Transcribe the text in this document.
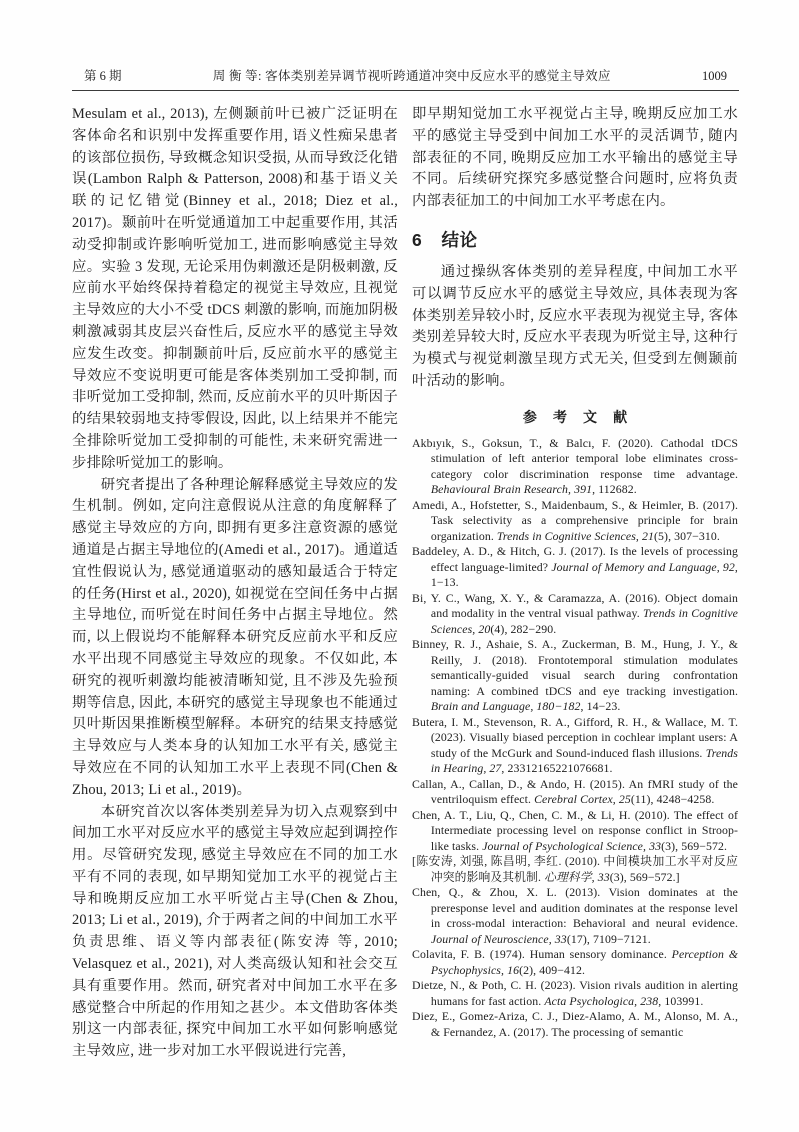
第 6 期	周 衡 等: 客体类别差异调节视听跨通道冲突中反应水平的感觉主导效应	1009

Mesulam et al., 2013), 左侧颞前叶已被广泛证明在客体命名和识别中发挥重要作用, 语义性痴呆患者的该部位损伤, 导致概念知识受损, 从而导致泛化错误(Lambon Ralph & Patterson, 2008)和基于语义关联的记忆错觉(Binney et al., 2018; Diez et al., 2017)。颞前叶在听觉通道加工中起重要作用, 其活动受抑制或许影响听觉加工, 进而影响感觉主导效应。实验 3 发现, 无论采用伪刺激还是阴极刺激, 反应前水平始终保持着稳定的视觉主导效应, 且视觉主导效应的大小不受 tDCS 刺激的影响, 而施加阴极刺激减弱其皮层兴奋性后, 反应水平的感觉主导效应发生改变。抑制颞前叶后, 反应前水平的感觉主导效应不变说明更可能是客体类别加工受抑制, 而非听觉加工受抑制, 然而, 反应前水平的贝叶斯因子的结果较弱地支持零假设, 因此, 以上结果并不能完全排除听觉加工受抑制的可能性, 未来研究需进一步排除听觉加工的影响。

研究者提出了各种理论解释感觉主导效应的发生机制。例如, 定向注意假说从注意的角度解释了感觉主导效应的方向, 即拥有更多注意资源的感觉通道是占据主导地位的(Amedi et al., 2017)。通道适宜性假说认为, 感觉通道驱动的感知最适合于特定的任务(Hirst et al., 2020), 如视觉在空间任务中占据主导地位, 而听觉在时间任务中占据主导地位。然而, 以上假说均不能解释本研究反应前水平和反应水平出现不同感觉主导效应的现象。不仅如此, 本研究的视听刺激均能被清晰知觉, 且不涉及先验预期等信息, 因此, 本研究的感觉主导现象也不能通过贝叶斯因果推断模型解释。本研究的结果支持感觉主导效应与人类本身的认知加工水平有关, 感觉主导效应在不同的认知加工水平上表现不同(Chen & Zhou, 2013; Li et al., 2019)。

本研究首次以客体类别差异为切入点观察到中间加工水平对反应水平的感觉主导效应起到调控作用。尽管研究发现, 感觉主导效应在不同的加工水平有不同的表现, 如早期知觉加工水平的视觉占主导和晚期反应加工水平听觉占主导(Chen & Zhou, 2013; Li et al., 2019), 介于两者之间的中间加工水平负责思维、语义等内部表征(陈安涛 等, 2010; Velasquez et al., 2021), 对人类高级认知和社会交互具有重要作用。然而, 研究者对中间加工水平在多感觉整合中所起的作用知之甚少。本文借助客体类别这一内部表征, 探究中间加工水平如何影响感觉主导效应, 进一步对加工水平假说进行完善,

即早期知觉加工水平视觉占主导, 晚期反应加工水平的感觉主导受到中间加工水平的灵活调节, 随内部表征的不同, 晚期反应加工水平输出的感觉主导不同。后续研究探究多感觉整合问题时, 应将负责内部表征加工的中间加工水平考虑在内。

6 结论

通过操纵客体类别的差异程度, 中间加工水平可以调节反应水平的感觉主导效应, 具体表现为客体类别差异较小时, 反应水平表现为视觉主导, 客体类别差异较大时, 反应水平表现为听觉主导, 这种行为模式与视觉刺激呈现方式无关, 但受到左侧颞前叶活动的影响。

参 考 文 献
Akbıyık, S., Goksun, T., & Balcı, F. (2020). Cathodal tDCS stimulation of left anterior temporal lobe eliminates cross-category color discrimination response time advantage. Behavioural Brain Research, 391, 112682.
Amedi, A., Hofstetter, S., Maidenbaum, S., & Heimler, B. (2017). Task selectivity as a comprehensive principle for brain organization. Trends in Cognitive Sciences, 21(5), 307−310.
Baddeley, A. D., & Hitch, G. J. (2017). Is the levels of processing effect language-limited? Journal of Memory and Language, 92, 1−13.
Bi, Y. C., Wang, X. Y., & Caramazza, A. (2016). Object domain and modality in the ventral visual pathway. Trends in Cognitive Sciences, 20(4), 282−290.
Binney, R. J., Ashaie, S. A., Zuckerman, B. M., Hung, J. Y., & Reilly, J. (2018). Frontotemporal stimulation modulates semantically-guided visual search during confrontation naming: A combined tDCS and eye tracking investigation. Brain and Language, 180−182, 14−23.
Butera, I. M., Stevenson, R. A., Gifford, R. H., & Wallace, M. T. (2023). Visually biased perception in cochlear implant users: A study of the McGurk and Sound-induced flash illusions. Trends in Hearing, 27, 23312165221076681.
Callan, A., Callan, D., & Ando, H. (2015). An fMRI study of the ventriloquism effect. Cerebral Cortex, 25(11), 4248−4258.
Chen, A. T., Liu, Q., Chen, C. M., & Li, H. (2010). The effect of Intermediate processing level on response conflict in Stroop-like tasks. Journal of Psychological Science, 33(3), 569−572.
[陈安涛, 刘强, 陈昌明, 李红. (2010). 中间模块加工水平对反应冲突的影响及其机制. 心理科学, 33(3), 569−572.]
Chen, Q., & Zhou, X. L. (2013). Vision dominates at the preresponse level and audition dominates at the response level in cross-modal interaction: Behavioral and neural evidence. Journal of Neuroscience, 33(17), 7109−7121.
Colavita, F. B. (1974). Human sensory dominance. Perception & Psychophysics, 16(2), 409−412.
Dietze, N., & Poth, C. H. (2023). Vision rivals audition in alerting humans for fast action. Acta Psychologica, 238, 103991.
Diez, E., Gomez-Ariza, C. J., Diez-Alamo, A. M., Alonso, M. A., & Fernandez, A. (2017). The processing of semantic
